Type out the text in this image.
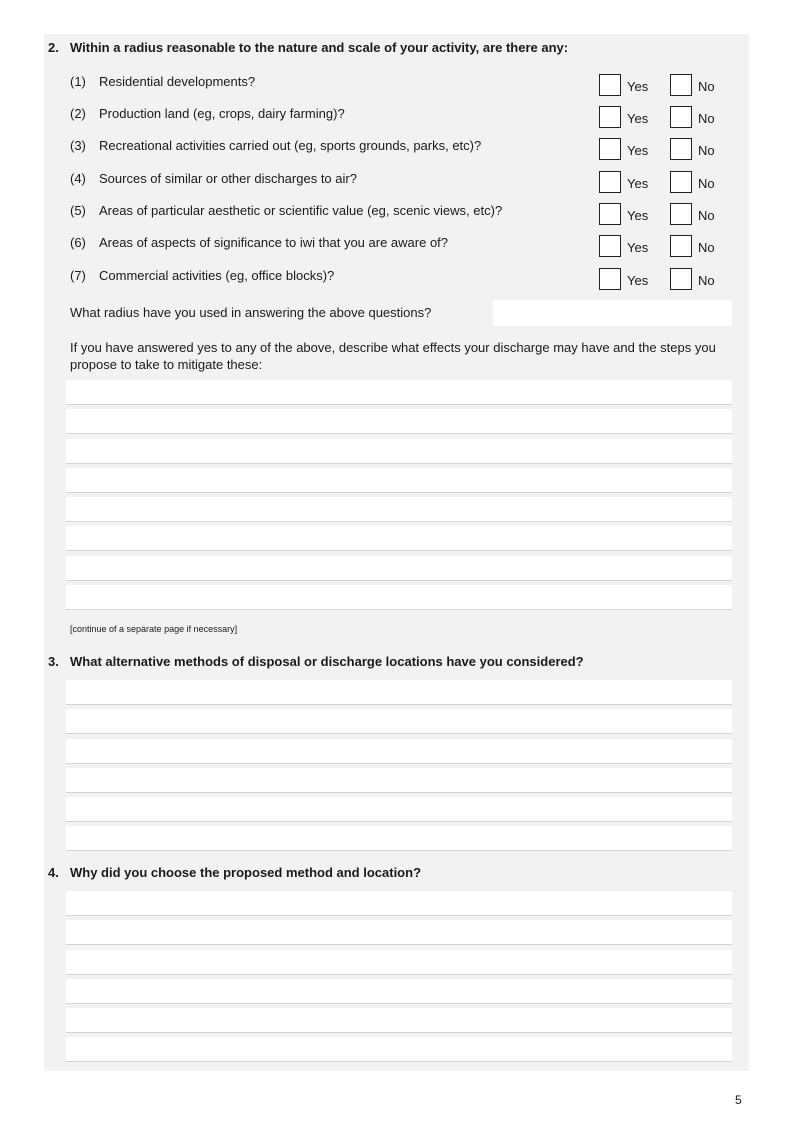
2. Within a radius reasonable to the nature and scale of your activity, are there any:
(1) Residential developments?	Yes	No
(2) Production land (eg, crops, dairy farming)?	Yes	No
(3) Recreational activities carried out (eg, sports grounds, parks, etc)?	Yes	No
(4) Sources of similar or other discharges to air?	Yes	No
(5) Areas of particular aesthetic or scientific value (eg, scenic views, etc)?	Yes	No
(6) Areas of aspects of significance to iwi that you are aware of?	Yes	No
(7) Commercial activities (eg, office blocks)?	Yes	No
What radius have you used in answering the above questions?
If you have answered yes to any of the above, describe what effects your discharge may have and the steps you propose to take to mitigate these:
[continue of a separate page if necessary]
3. What alternative methods of disposal or discharge locations have you considered?
4. Why did you choose the proposed method and location?
5
